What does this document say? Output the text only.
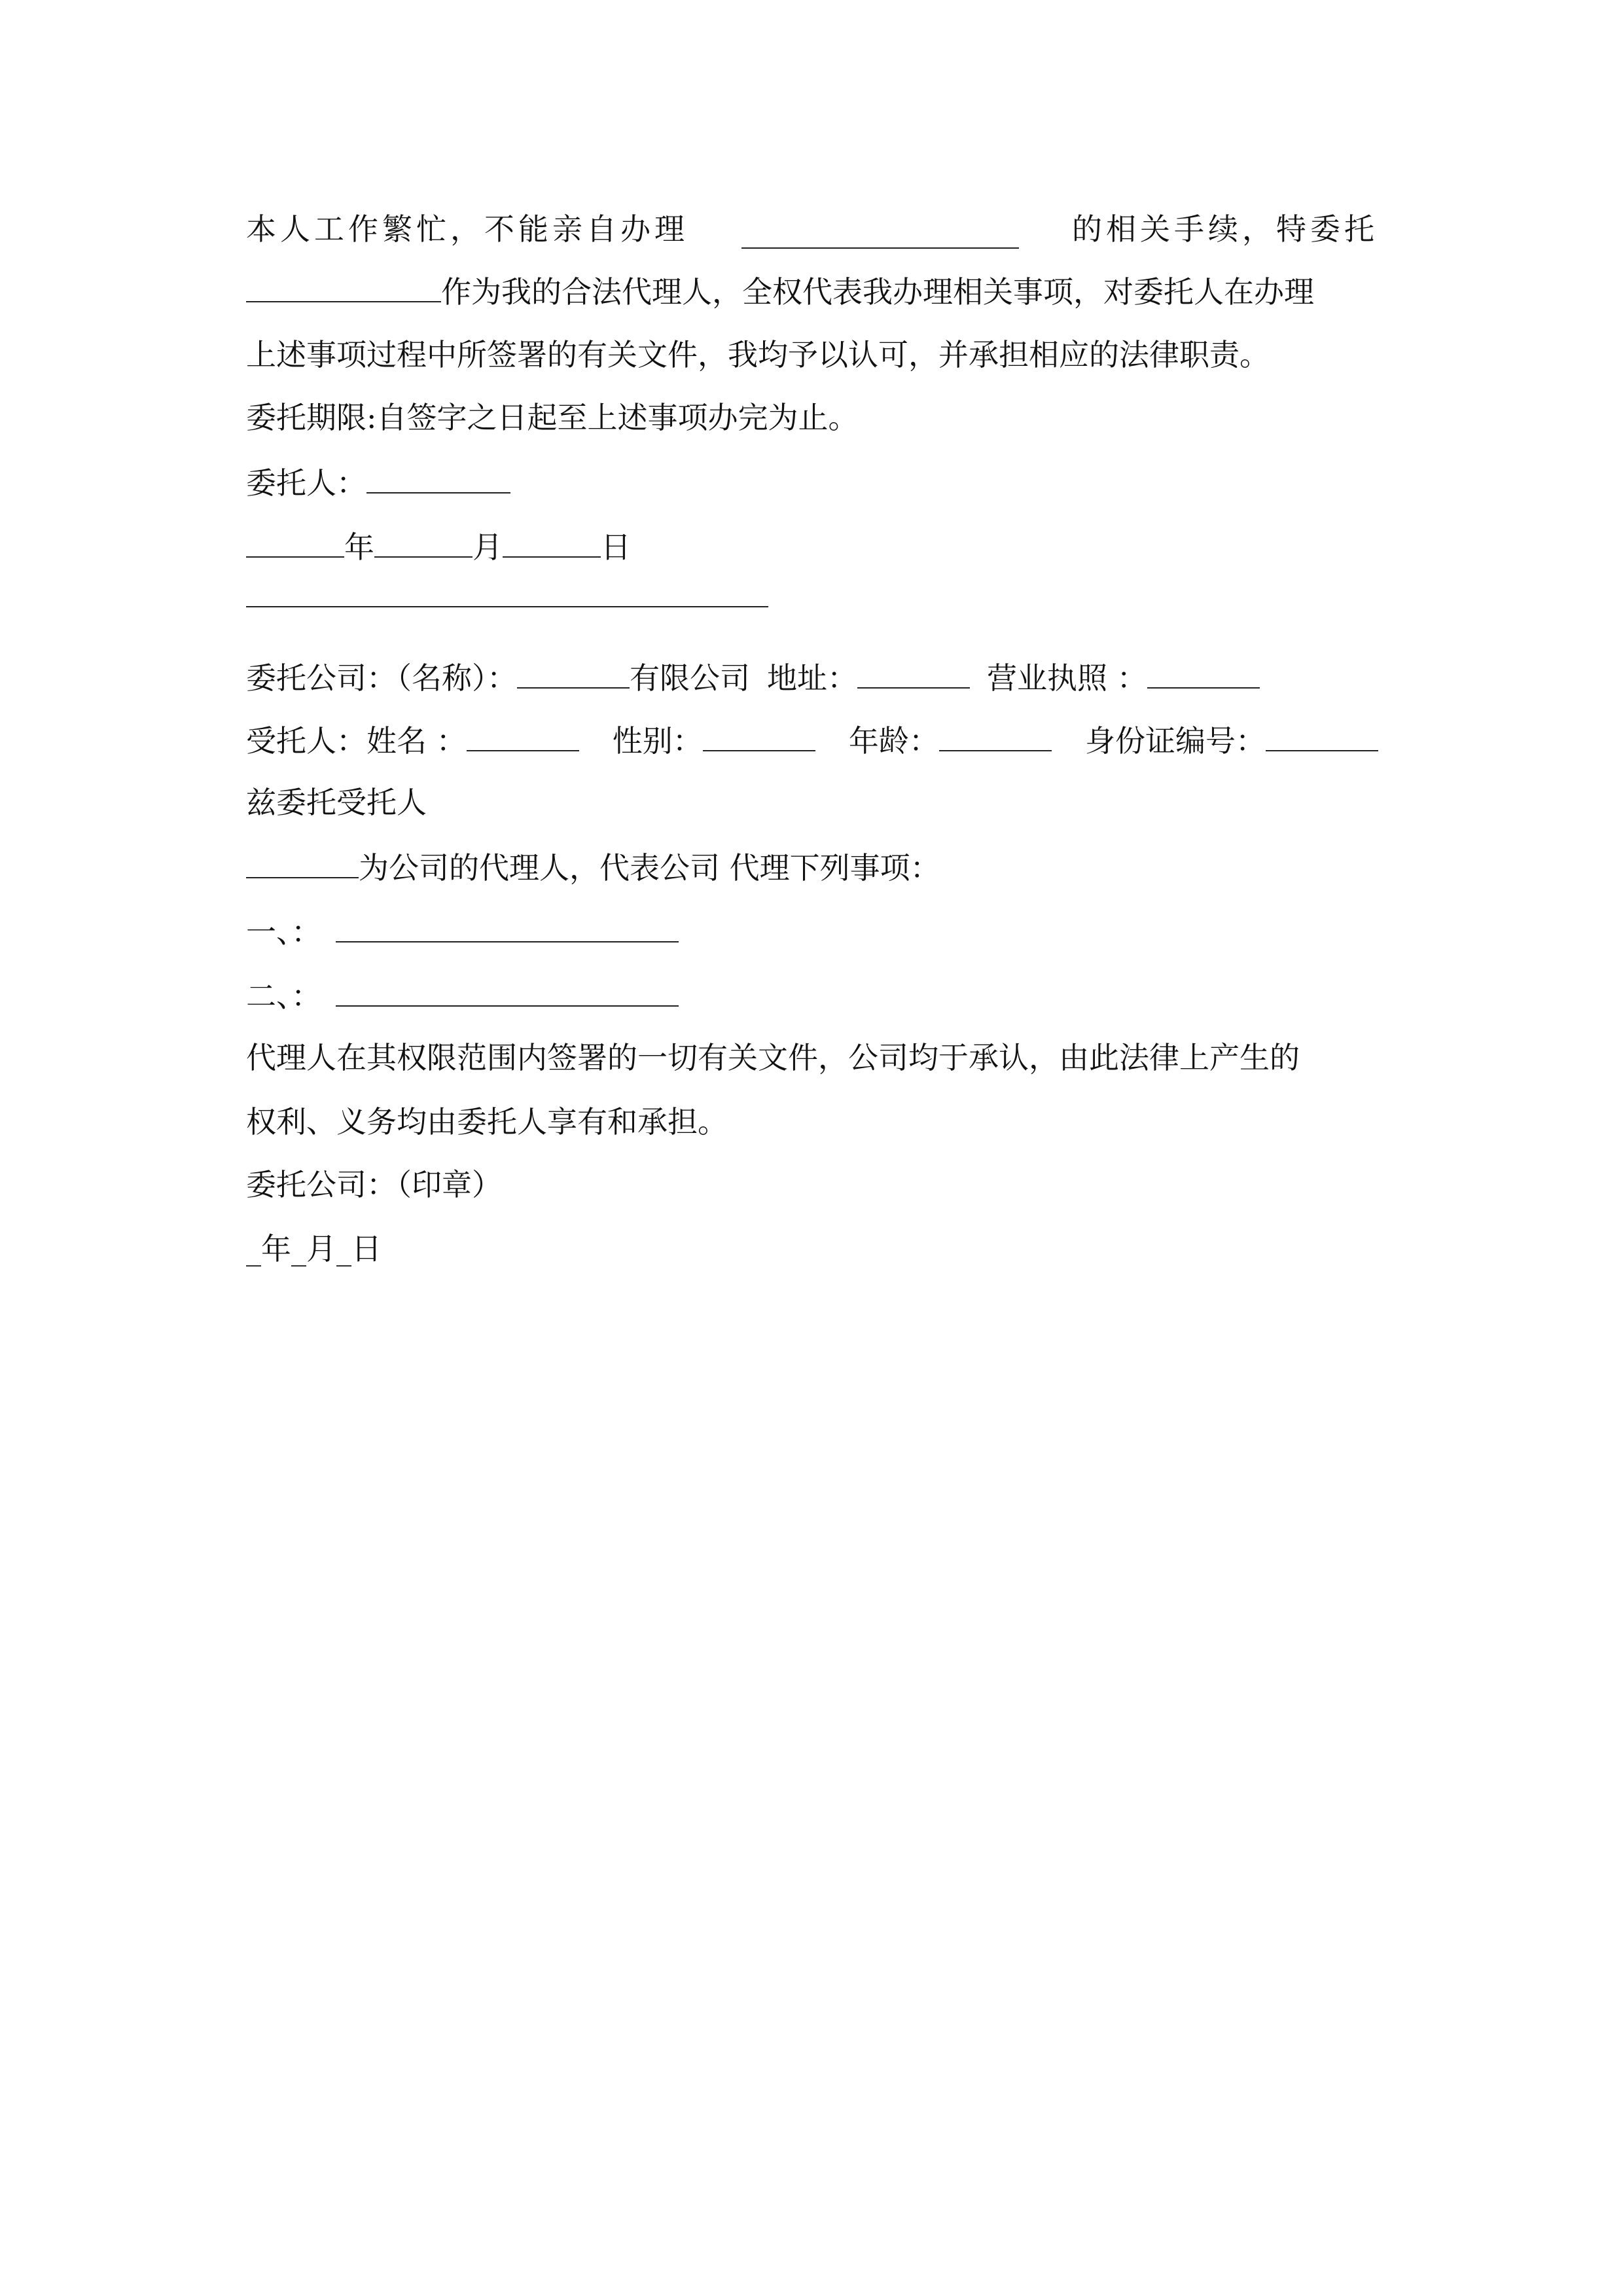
本人工作繁忙，不能亲自办理	的相关手续，特委托
作为我的合法代理人，全权代表我办理相关事项，对委托人在办理
上述事项过程中所签署的有关文件，我均予以认可，并承担相应的法律职责。
委托期限:自签字之日起至上述事项办完为止。
委托人：
年	月	日
委托公司：（名称）：	有限公司 地址：	营业执照 ：
受托人：姓名 ：	性别：	年龄：	身份证编号：
兹委托受托人
为公司的代理人，代表公司 代理下列事项：
一、：
二、：
代理人在其权限范围内签署的一切有关文件，公司均于承认，由此法律上产生的
权利、义务均由委托人享有和承担。
委托公司：（印章）
_年_月_日
